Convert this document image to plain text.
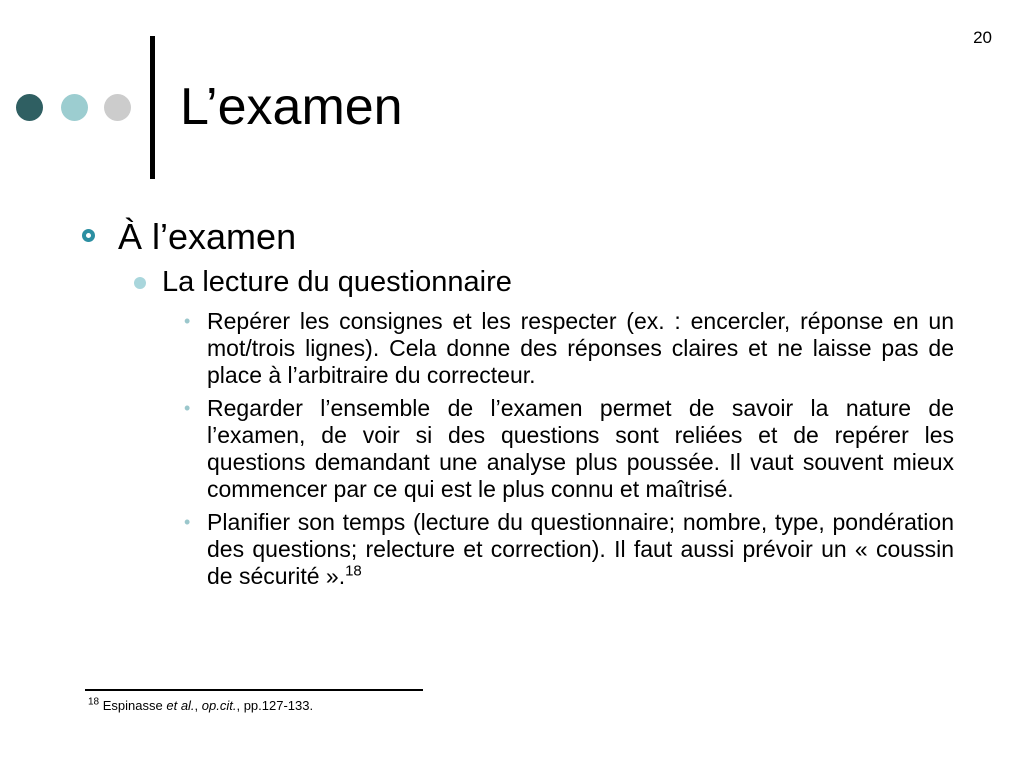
20
L’examen
À l’examen
La lecture du questionnaire
• Repérer les consignes et les respecter (ex. : encercler, réponse en un mot/trois lignes). Cela donne des réponses claires et ne laisse pas de place à l’arbitraire du correcteur.
• Regarder l’ensemble de l’examen permet de savoir la nature de l’examen, de voir si des questions sont reliées et de repérer les questions demandant une analyse plus poussée. Il vaut souvent mieux commencer par ce qui est le plus connu et maîtrisé.
• Planifier son temps (lecture du questionnaire; nombre, type, pondération des questions; relecture et correction). Il faut aussi prévoir un « coussin de sécurité ».$^{18}$
$^{18}$ Espinasse et al., op.cit., pp.127-133.
